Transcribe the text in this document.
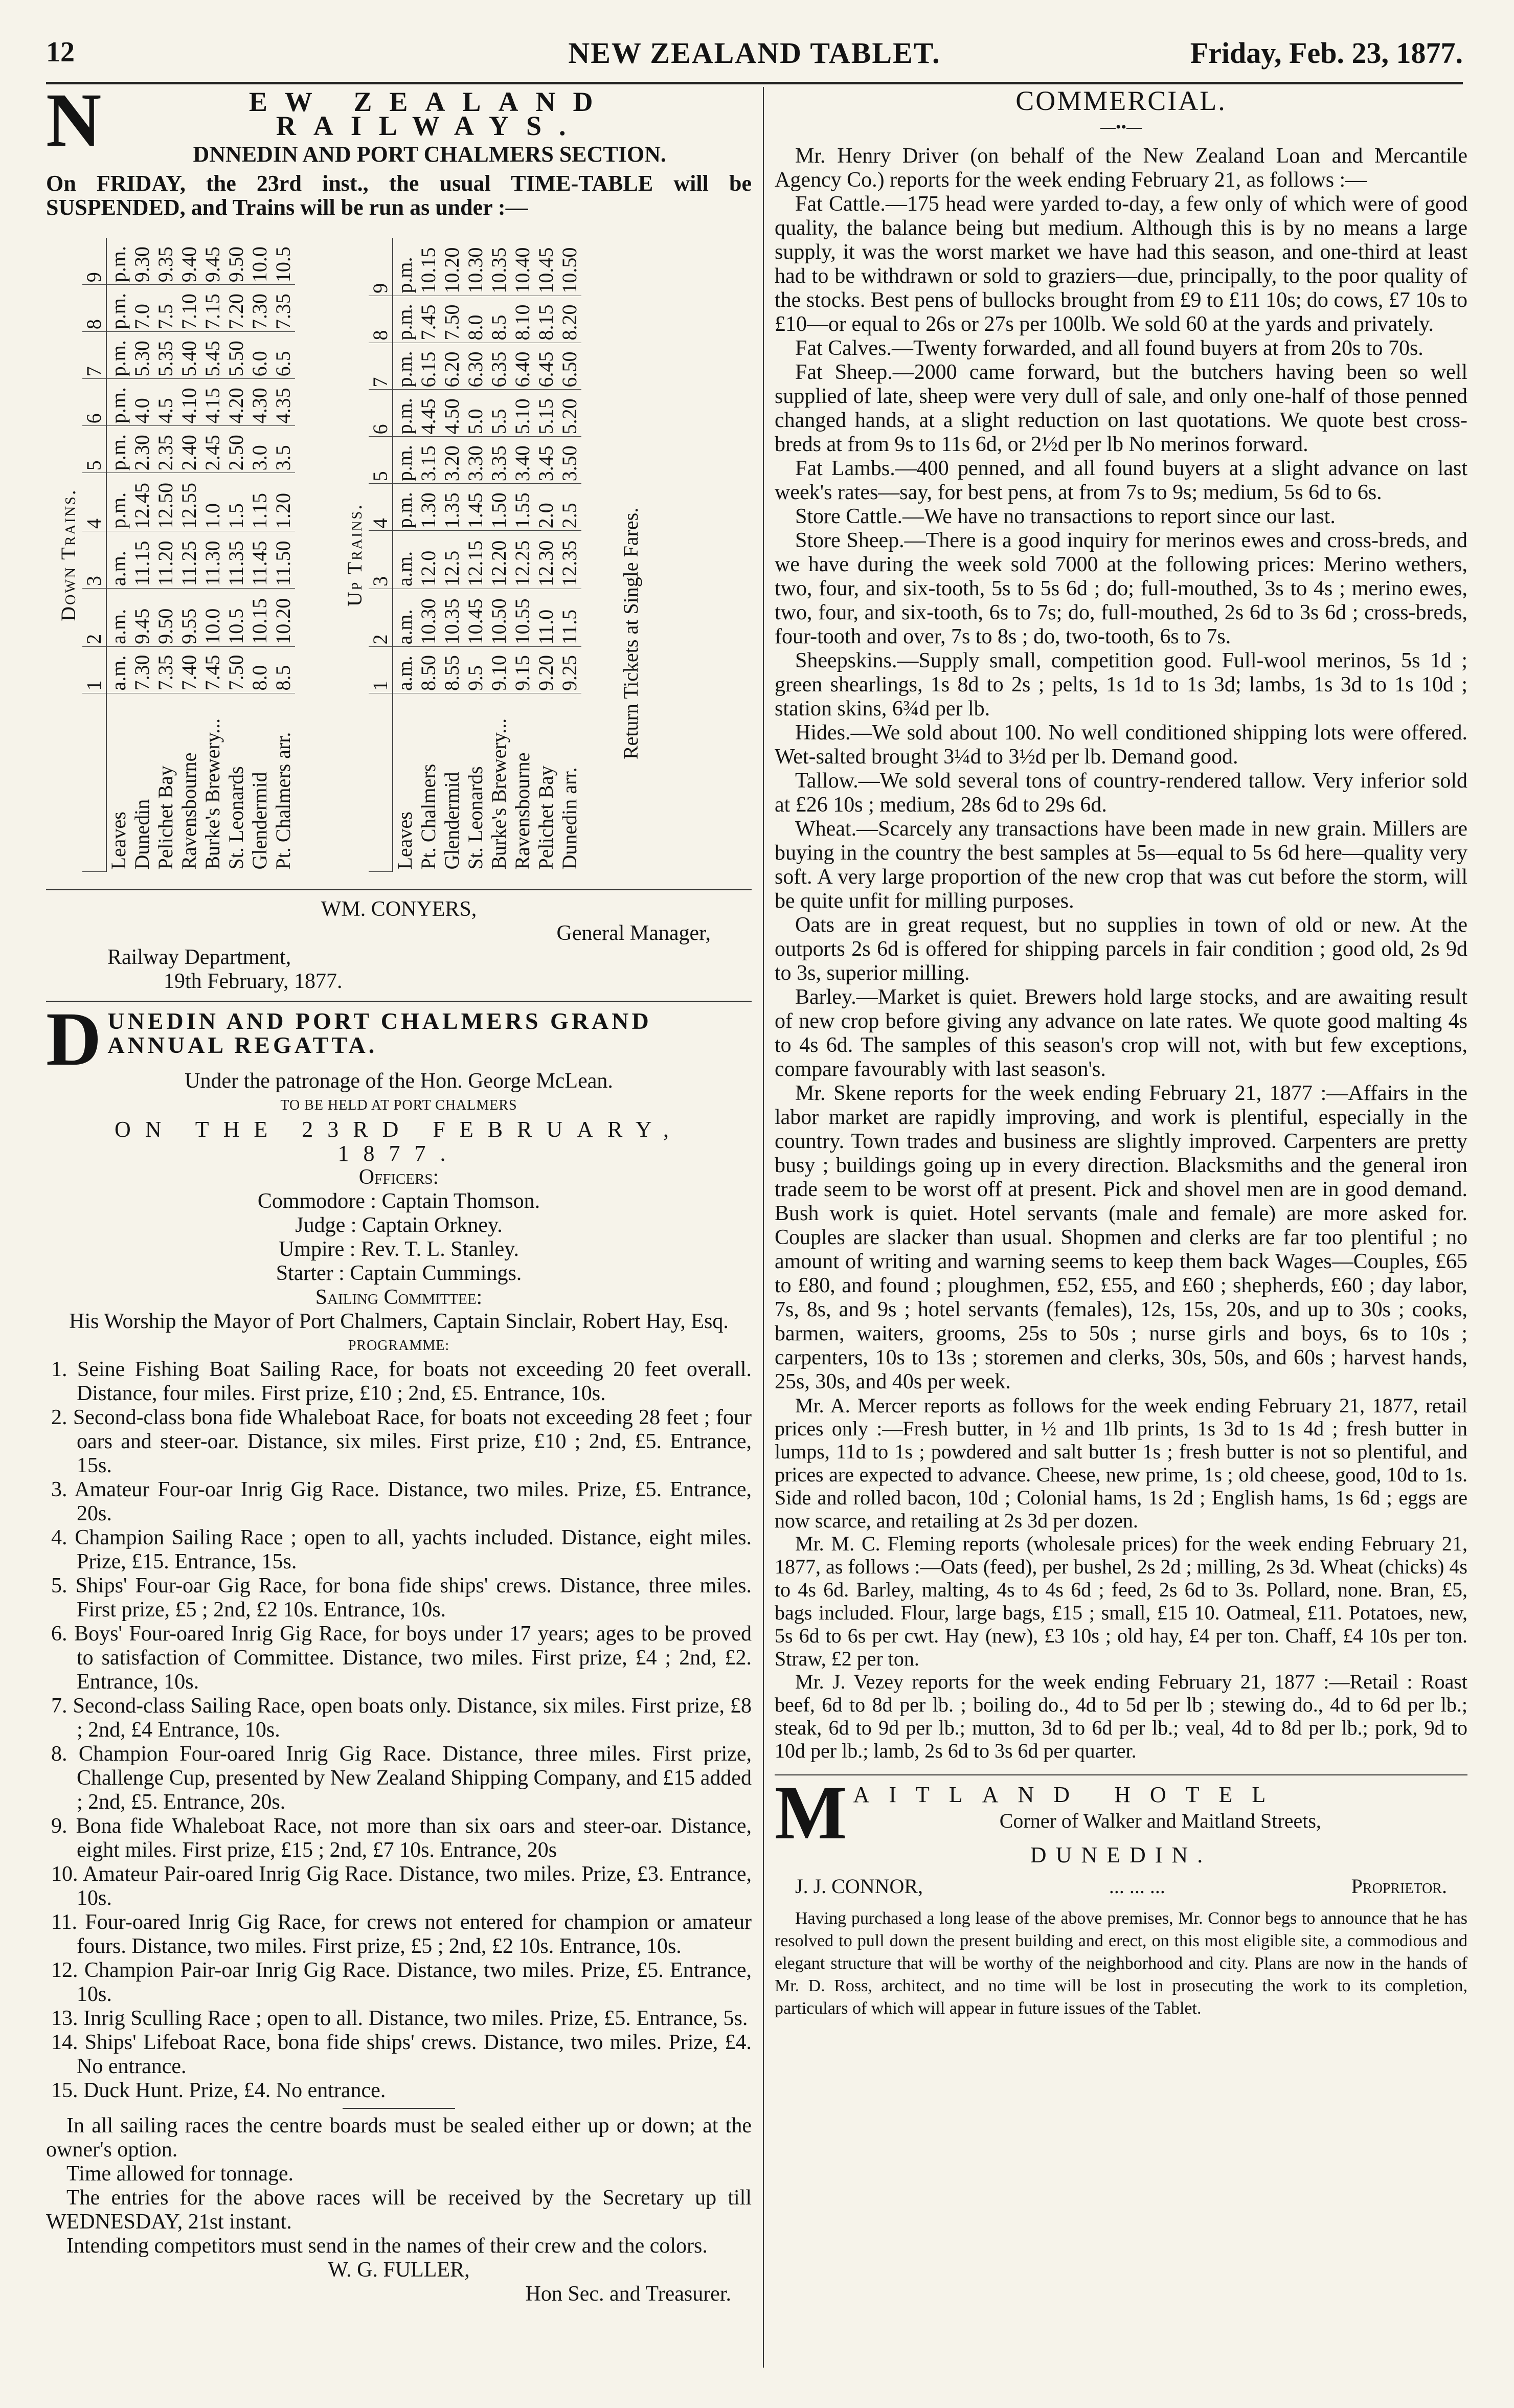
12	NEW ZEALAND TABLET.	Friday, Feb. 23, 1877.
N	EW ZEALAND RAILWAYS.
DNNEDIN AND PORT CHALMERS SECTION.
On FRIDAY, the 23rd inst., the usual TIME-TABLE will be SUSPENDED, and Trains will be run as under :—
Down Trains.
	1	2	3	4	5	6	7	8	9
Leaves	a.m.	a.m.	a.m.	p.m.	p.m.	p.m.	p.m.	p.m.	p.m.
Dunedin	7.30	9.45	11.15	12.45	2.30	4.0	5.30	7.0	9.30
Pelichet Bay	7.35	9.50	11.20	12.50	2.35	4.5	5.35	7.5	9.35
Ravensbourne	7.40	9.55	11.25	12.55	2.40	4.10	5.40	7.10	9.40
Burke's Brewery...	7.45	10.0	11.30	1.0	2.45	4.15	5.45	7.15	9.45
St. Leonards	7.50	10.5	11.35	1.5	2.50	4.20	5.50	7.20	9.50
Glendermid	8.0	10.15	11.45	1.15	3.0	4.30	6.0	7.30	10.0
Pt. Chalmers arr.	8.5	10.20	11.50	1.20	3.5	4.35	6.5	7.35	10.5
Up Trains.
	1	2	3	4	5	6	7	8	9
Leaves	a.m.	a.m.	a.m.	p.m.	p.m.	p.m.	p.m.	p.m.	p.m.
Pt. Chalmers	8.50	10.30	12.0	1.30	3.15	4.45	6.15	7.45	10.15
Glendermid	8.55	10.35	12.5	1.35	3.20	4.50	6.20	7.50	10.20
St. Leonards	9.5	10.45	12.15	1.45	3.30	5.0	6.30	8.0	10.30
Burke's Brewery...	9.10	10.50	12.20	1.50	3.35	5.5	6.35	8.5	10.35
Ravensbourne	9.15	10.55	12.25	1.55	3.40	5.10	6.40	8.10	10.40
Pelichet Bay	9.20	11.0	12.30	2.0	3.45	5.15	6.45	8.15	10.45
Dunedin arr.	9.25	11.5	12.35	2.5	3.50	5.20	6.50	8.20	10.50
Return Tickets at Single Fares.
WM. CONYERS,
General Manager,
Railway Department,
19th February, 1877.
D UNEDIN AND PORT CHALMERS GRAND ANNUAL REGATTA.
Under the patronage of the Hon. George McLean.
TO BE HELD AT PORT CHALMERS
ON THE 23RD FEBRUARY, 1877.
Officers:
Commodore : Captain Thomson.
Judge : Captain Orkney.
Umpire : Rev. T. L. Stanley.
Starter : Captain Cummings.
Sailing Committee:
His Worship the Mayor of Port Chalmers, Captain Sinclair, Robert Hay, Esq.
PROGRAMME:

1. Seine Fishing Boat Sailing Race, for boats not exceeding 20 feet overall. Distance, four miles. First prize, £10 ; 2nd, £5. Entrance, 10s.

2. Second-class bona fide Whaleboat Race, for boats not exceeding 28 feet ; four oars and steer-oar. Distance, six miles. First prize, £10 ; 2nd, £5. Entrance, 15s.

3. Amateur Four-oar Inrig Gig Race. Distance, two miles. Prize, £5. Entrance, 20s.

4. Champion Sailing Race ; open to all, yachts included. Distance, eight miles. Prize, £15. Entrance, 15s.

5. Ships' Four-oar Gig Race, for bona fide ships' crews. Distance, three miles. First prize, £5 ; 2nd, £2 10s. Entrance, 10s.

6. Boys' Four-oared Inrig Gig Race, for boys under 17 years; ages to be proved to satisfaction of Committee. Distance, two miles. First prize, £4 ; 2nd, £2. Entrance, 10s.

7. Second-class Sailing Race, open boats only. Distance, six miles. First prize, £8 ; 2nd, £4 Entrance, 10s.

8. Champion Four-oared Inrig Gig Race. Distance, three miles. First prize, Challenge Cup, presented by New Zealand Shipping Company, and £15 added ; 2nd, £5. Entrance, 20s.

9. Bona fide Whaleboat Race, not more than six oars and steer-oar. Distance, eight miles. First prize, £15 ; 2nd, £7 10s. Entrance, 20s

10. Amateur Pair-oared Inrig Gig Race. Distance, two miles. Prize, £3. Entrance, 10s.

11. Four-oared Inrig Gig Race, for crews not entered for champion or amateur fours. Distance, two miles. First prize, £5 ; 2nd, £2 10s. Entrance, 10s.

12. Champion Pair-oar Inrig Gig Race. Distance, two miles. Prize, £5. Entrance, 10s.

13. Inrig Sculling Race ; open to all. Distance, two miles. Prize, £5. Entrance, 5s.

14. Ships' Lifeboat Race, bona fide ships' crews. Distance, two miles. Prize, £4. No entrance.

15. Duck Hunt. Prize, £4. No entrance.

In all sailing races the centre boards must be sealed either up or down; at the owner's option.

Time allowed for tonnage.

The entries for the above races will be received by the Secretary up till WEDNESDAY, 21st instant.

Intending competitors must send in the names of their crew and the colors.

W. G. FULLER,
Hon Sec. and Treasurer.
COMMERCIAL.
—••—

Mr. Henry Driver (on behalf of the New Zealand Loan and Mercantile Agency Co.) reports for the week ending February 21, as follows :—

Fat Cattle.—175 head were yarded to-day, a few only of which were of good quality, the balance being but medium. Although this is by no means a large supply, it was the worst market we have had this season, and one-third at least had to be withdrawn or sold to graziers—due, principally, to the poor quality of the stocks. Best pens of bullocks brought from £9 to £11 10s; do cows, £7 10s to £10—or equal to 26s or 27s per 100lb. We sold 60 at the yards and privately.

Fat Calves.—Twenty forwarded, and all found buyers at from 20s to 70s.

Fat Sheep.—2000 came forward, but the butchers having been so well supplied of late, sheep were very dull of sale, and only one-half of those penned changed hands, at a slight reduction on last quotations. We quote best cross-breds at from 9s to 11s 6d, or 2½d per lb No merinos forward.

Fat Lambs.—400 penned, and all found buyers at a slight advance on last week's rates—say, for best pens, at from 7s to 9s; medium, 5s 6d to 6s.

Store Cattle.—We have no transactions to report since our last.

Store Sheep.—There is a good inquiry for merinos ewes and cross-breds, and we have during the week sold 7000 at the following prices: Merino wethers, two, four, and six-tooth, 5s to 5s 6d ; do; full-mouthed, 3s to 4s ; merino ewes, two, four, and six-tooth, 6s to 7s; do, full-mouthed, 2s 6d to 3s 6d ; cross-breds, four-tooth and over, 7s to 8s ; do, two-tooth, 6s to 7s.

Sheepskins.—Supply small, competition good. Full-wool merinos, 5s 1d ; green shearlings, 1s 8d to 2s ; pelts, 1s 1d to 1s 3d; lambs, 1s 3d to 1s 10d ; station skins, 6¾d per lb.

Hides.—We sold about 100. No well conditioned shipping lots were offered. Wet-salted brought 3¼d to 3½d per lb. Demand good.

Tallow.—We sold several tons of country-rendered tallow. Very inferior sold at £26 10s ; medium, 28s 6d to 29s 6d.

Wheat.—Scarcely any transactions have been made in new grain. Millers are buying in the country the best samples at 5s—equal to 5s 6d here—quality very soft. A very large proportion of the new crop that was cut before the storm, will be quite unfit for milling purposes.

Oats are in great request, but no supplies in town of old or new. At the outports 2s 6d is offered for shipping parcels in fair condition ; good old, 2s 9d to 3s, superior milling.

Barley.—Market is quiet. Brewers hold large stocks, and are awaiting result of new crop before giving any advance on late rates. We quote good malting 4s to 4s 6d. The samples of this season's crop will not, with but few exceptions, compare favourably with last season's.

Mr. Skene reports for the week ending February 21, 1877 :—Affairs in the labor market are rapidly improving, and work is plentiful, especially in the country. Town trades and business are slightly improved. Carpenters are pretty busy ; buildings going up in every direction. Blacksmiths and the general iron trade seem to be worst off at present. Pick and shovel men are in good demand. Bush work is quiet. Hotel servants (male and female) are more asked for. Couples are slacker than usual. Shopmen and clerks are far too plentiful ; no amount of writing and warning seems to keep them back Wages—Couples, £65 to £80, and found ; ploughmen, £52, £55, and £60 ; shepherds, £60 ; day labor, 7s, 8s, and 9s ; hotel servants (females), 12s, 15s, 20s, and up to 30s ; cooks, barmen, waiters, grooms, 25s to 50s ; nurse girls and boys, 6s to 10s ; carpenters, 10s to 13s ; storemen and clerks, 30s, 50s, and 60s ; harvest hands, 25s, 30s, and 40s per week.

Mr. A. Mercer reports as follows for the week ending February 21, 1877, retail prices only :—Fresh butter, in ½ and 1lb prints, 1s 3d to 1s 4d ; fresh butter in lumps, 11d to 1s ; powdered and salt butter 1s ; fresh butter is not so plentiful, and prices are expected to advance. Cheese, new prime, 1s ; old cheese, good, 10d to 1s. Side and rolled bacon, 10d ; Colonial hams, 1s 2d ; English hams, 1s 6d ; eggs are now scarce, and retailing at 2s 3d per dozen.

Mr. M. C. Fleming reports (wholesale prices) for the week ending February 21, 1877, as follows :—Oats (feed), per bushel, 2s 2d ; milling, 2s 3d. Wheat (chicks) 4s to 4s 6d. Barley, malting, 4s to 4s 6d ; feed, 2s 6d to 3s. Pollard, none. Bran, £5, bags included. Flour, large bags, £15 ; small, £15 10. Oatmeal, £11. Potatoes, new, 5s 6d to 6s per cwt. Hay (new), £3 10s ; old hay, £4 per ton. Chaff, £4 10s per ton. Straw, £2 per ton.

Mr. J. Vezey reports for the week ending February 21, 1877 :—Retail : Roast beef, 6d to 8d per lb. ; boiling do., 4d to 5d per lb ; stewing do., 4d to 6d per lb.; steak, 6d to 9d per lb.; mutton, 3d to 6d per lb.; veal, 4d to 8d per lb.; pork, 9d to 10d per lb.; lamb, 2s 6d to 3s 6d per quarter.

M AITLAND HOTEL
Corner of Walker and Maitland Streets,
DUNEDIN.
J. J. CONNOR,	... ... ...	Proprietor.
Having purchased a long lease of the above premises, Mr. Connor begs to announce that he has resolved to pull down the present building and erect, on this most eligible site, a commodious and elegant structure that will be worthy of the neighborhood and city. Plans are now in the hands of Mr. D. Ross, architect, and no time will be lost in prosecuting the work to its completion, particulars of which will appear in future issues of the Tablet.
